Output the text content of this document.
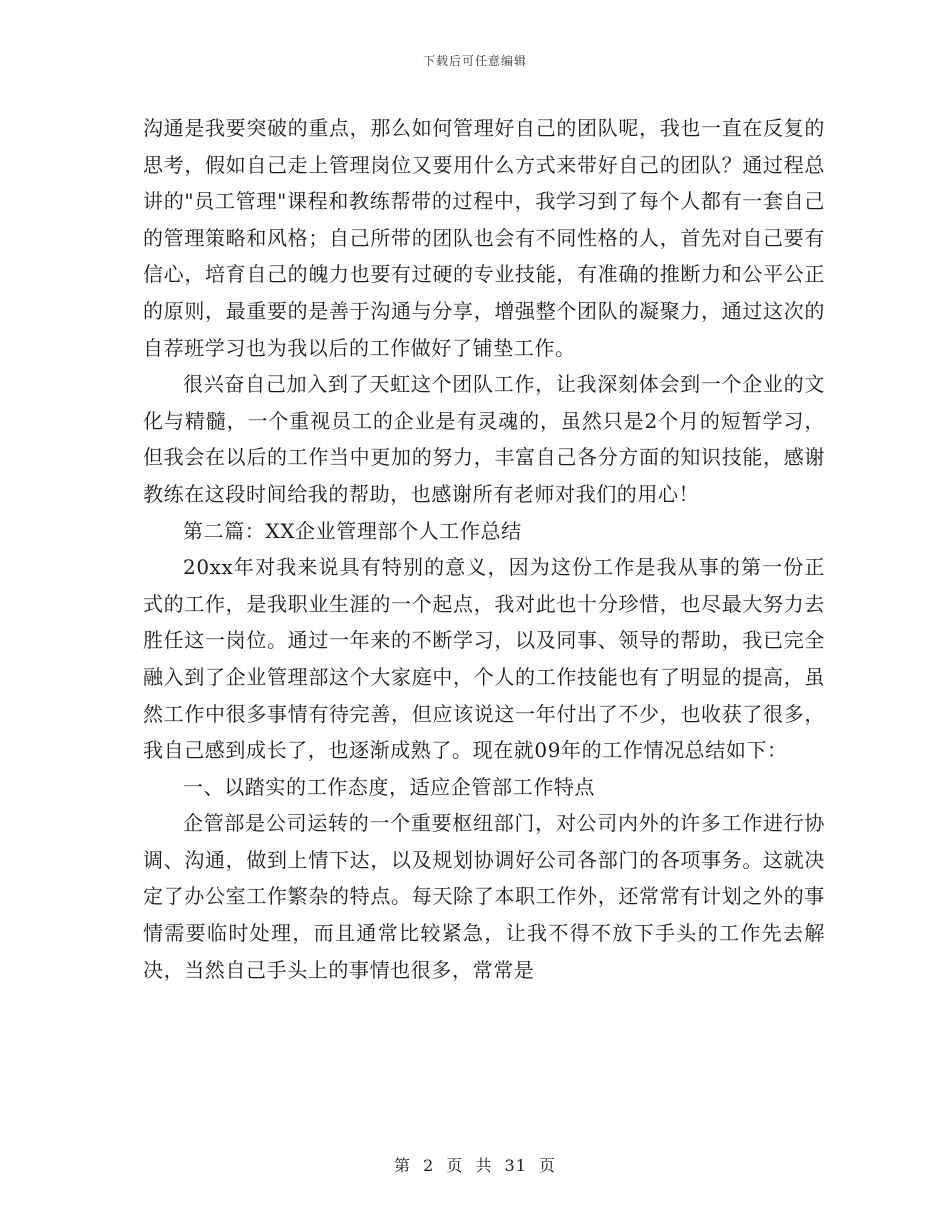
下载后可任意编辑

沟通是我要突破的重点，那么如何管理好自己的团队呢，我也一直在反复的思考，假如自己走上管理岗位又要用什么方式来带好自己的团队？通过程总讲的"员工管理"课程和教练帮带的过程中，我学习到了每个人都有一套自己的管理策略和风格；自己所带的团队也会有不同性格的人，首先对自己要有信心，培育自己的魄力也要有过硬的专业技能，有准确的推断力和公平公正的原则，最重要的是善于沟通与分享，增强整个团队的凝聚力，通过这次的自荐班学习也为我以后的工作做好了铺垫工作。

很兴奋自己加入到了天虹这个团队工作，让我深刻体会到一个企业的文化与精髓，一个重视员工的企业是有灵魂的，虽然只是2个月的短暂学习，但我会在以后的工作当中更加的努力，丰富自己各分方面的知识技能，感谢教练在这段时间给我的帮助，也感谢所有老师对我们的用心！

第二篇：XX企业管理部个人工作总结

20xx年对我来说具有特别的意义，因为这份工作是我从事的第一份正式的工作，是我职业生涯的一个起点，我对此也十分珍惜，也尽最大努力去胜任这一岗位。通过一年来的不断学习，以及同事、领导的帮助，我已完全融入到了企业管理部这个大家庭中，个人的工作技能也有了明显的提高，虽然工作中很多事情有待完善，但应该说这一年付出了不少，也收获了很多，我自己感到成长了，也逐渐成熟了。现在就09年的工作情况总结如下：

一、以踏实的工作态度，适应企管部工作特点

企管部是公司运转的一个重要枢纽部门，对公司内外的许多工作进行协调、沟通，做到上情下达，以及规划协调好公司各部门的各项事务。这就决定了办公室工作繁杂的特点。每天除了本职工作外，还常常有计划之外的事情需要临时处理，而且通常比较紧急，让我不得不放下手头的工作先去解决，当然自己手头上的事情也很多，常常是

第 2 页 共 31 页
